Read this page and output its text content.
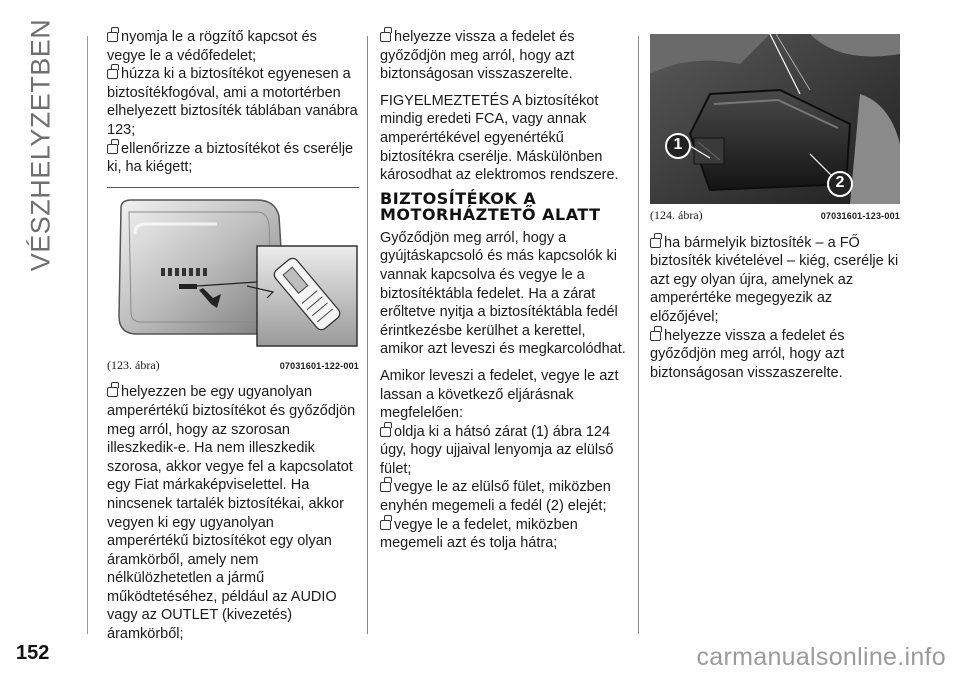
VÉSZHELYZETBEN
152

nyomja le a rögzítő kapcsot és vegye le a védőfedelet;

húzza ki a biztosítékot egyenesen a biztosítékfogóval, ami a motortérben elhelyezett biztosíték táblában vanábra 123;

ellenőrizze a biztosítékot és cserélje ki, ha kiégett;

(123. ábra)	07031601-122-001

helyezzen be egy ugyanolyan amperértékű biztosítékot és győződjön meg arról, hogy az szorosan illeszkedik-e. Ha nem illeszkedik szorosa, akkor vegye fel a kapcsolatot egy Fiat márkaképviselettel. Ha nincsenek tartalék biztosítékai, akkor vegyen ki egy ugyanolyan amperértékű biztosítékot egy olyan áramkörből, amely nem nélkülözhetetlen a jármű működtetéséhez, például az AUDIO vagy az OUTLET (kivezetés) áramkörből;

helyezze vissza a fedelet és győződjön meg arról, hogy azt biztonságosan visszaszerelte.

FIGYELMEZTETÉS A biztosítékot mindig eredeti FCA, vagy annak amperértékével egyenértékű biztosítékra cserélje. Máskülönben károsodhat az elektromos rendszere.

BIZTOSÍTÉKOK A
MOTORHÁZTETŐ ALATT

Győződjön meg arról, hogy a gyújtáskapcsoló és más kapcsolók ki vannak kapcsolva és vegye le a biztosítéktábla fedelet. Ha a zárat erőltetve nyitja a biztosítéktábla fedél érintkezésbe kerülhet a kerettel, amikor azt leveszi és megkarcolódhat.

Amikor leveszi a fedelet, vegye le azt lassan a következő eljárásnak megfelelően:

oldja ki a hátsó zárat (1) ábra 124 úgy, hogy ujjaival lenyomja az elülső fület;

vegye le az elülső fület, miközben enyhén megemeli a fedél (2) elejét;

vegye le a fedelet, miközben megemeli azt és tolja hátra;

1
2
(124. ábra)	07031601-123-001

ha bármelyik biztosíték – a FŐ biztosíték kivételével – kiég, cserélje ki azt egy olyan újra, amelynek az amperértéke megegyezik az előzőjével;

helyezze vissza a fedelet és győződjön meg arról, hogy azt biztonságosan visszaszerelte.

carmanualsonline.info
